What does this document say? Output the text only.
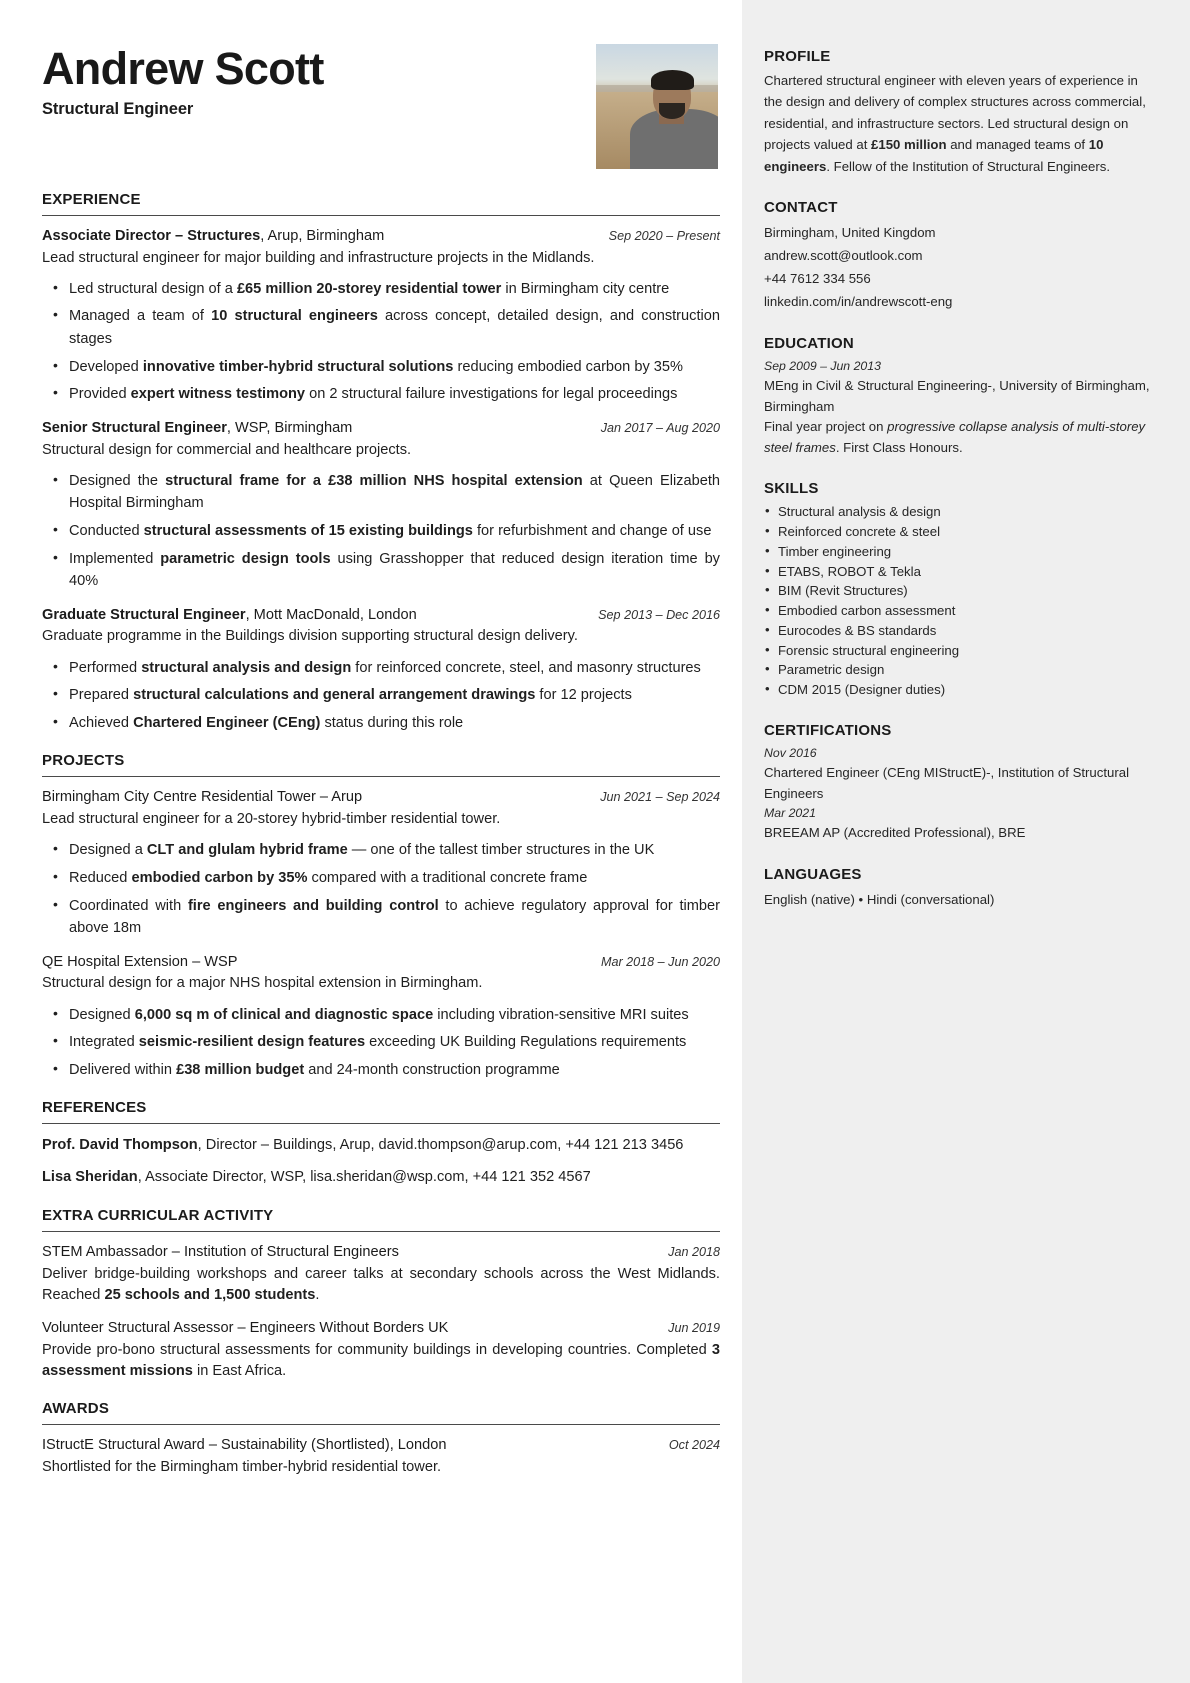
Andrew Scott
Structural Engineer
EXPERIENCE
Associate Director – Structures, Arup, Birmingham	Sep 2020 – Present
Lead structural engineer for major building and infrastructure projects in the Midlands.
• Led structural design of a £65 million 20-storey residential tower in Birmingham city centre
• Managed a team of 10 structural engineers across concept, detailed design, and construction stages
• Developed innovative timber-hybrid structural solutions reducing embodied carbon by 35%
• Provided expert witness testimony on 2 structural failure investigations for legal proceedings
Senior Structural Engineer, WSP, Birmingham	Jan 2017 – Aug 2020
Structural design for commercial and healthcare projects.
• Designed the structural frame for a £38 million NHS hospital extension at Queen Elizabeth Hospital Birmingham
• Conducted structural assessments of 15 existing buildings for refurbishment and change of use
• Implemented parametric design tools using Grasshopper that reduced design iteration time by 40%
Graduate Structural Engineer, Mott MacDonald, London	Sep 2013 – Dec 2016
Graduate programme in the Buildings division supporting structural design delivery.
• Performed structural analysis and design for reinforced concrete, steel, and masonry structures
• Prepared structural calculations and general arrangement drawings for 12 projects
• Achieved Chartered Engineer (CEng) status during this role
PROJECTS
Birmingham City Centre Residential Tower – Arup	Jun 2021 – Sep 2024
Lead structural engineer for a 20-storey hybrid-timber residential tower.
• Designed a CLT and glulam hybrid frame — one of the tallest timber structures in the UK
• Reduced embodied carbon by 35% compared with a traditional concrete frame
• Coordinated with fire engineers and building control to achieve regulatory approval for timber above 18m
QE Hospital Extension – WSP	Mar 2018 – Jun 2020
Structural design for a major NHS hospital extension in Birmingham.
• Designed 6,000 sq m of clinical and diagnostic space including vibration-sensitive MRI suites
• Integrated seismic-resilient design features exceeding UK Building Regulations requirements
• Delivered within £38 million budget and 24-month construction programme
REFERENCES
Prof. David Thompson, Director – Buildings, Arup, david.thompson@arup.com, +44 121 213 3456
Lisa Sheridan, Associate Director, WSP, lisa.sheridan@wsp.com, +44 121 352 4567
EXTRA CURRICULAR ACTIVITY
STEM Ambassador – Institution of Structural Engineers	Jan 2018
Deliver bridge-building workshops and career talks at secondary schools across the West Midlands. Reached 25 schools and 1,500 students.
Volunteer Structural Assessor – Engineers Without Borders UK	Jun 2019
Provide pro-bono structural assessments for community buildings in developing countries. Completed 3 assessment missions in East Africa.
AWARDS
IStructE Structural Award – Sustainability (Shortlisted), London	Oct 2024
Shortlisted for the Birmingham timber-hybrid residential tower.
PROFILE
Chartered structural engineer with eleven years of experience in the design and delivery of complex structures across commercial, residential, and infrastructure sectors. Led structural design on projects valued at £150 million and managed teams of 10 engineers. Fellow of the Institution of Structural Engineers.
CONTACT
Birmingham, United Kingdom
andrew.scott@outlook.com
+44 7612 334 556
linkedin.com/in/andrewscott-eng
EDUCATION
Sep 2009 – Jun 2013
MEng in Civil & Structural Engineering-, University of Birmingham, Birmingham
Final year project on progressive collapse analysis of multi-storey steel frames. First Class Honours.
SKILLS
• Structural analysis & design
• Reinforced concrete & steel
• Timber engineering
• ETABS, ROBOT & Tekla
• BIM (Revit Structures)
• Embodied carbon assessment
• Eurocodes & BS standards
• Forensic structural engineering
• Parametric design
• CDM 2015 (Designer duties)
CERTIFICATIONS
Nov 2016
Chartered Engineer (CEng MIStructE)-, Institution of Structural Engineers
Mar 2021
BREEAM AP (Accredited Professional), BRE
LANGUAGES
English (native) • Hindi (conversational)
